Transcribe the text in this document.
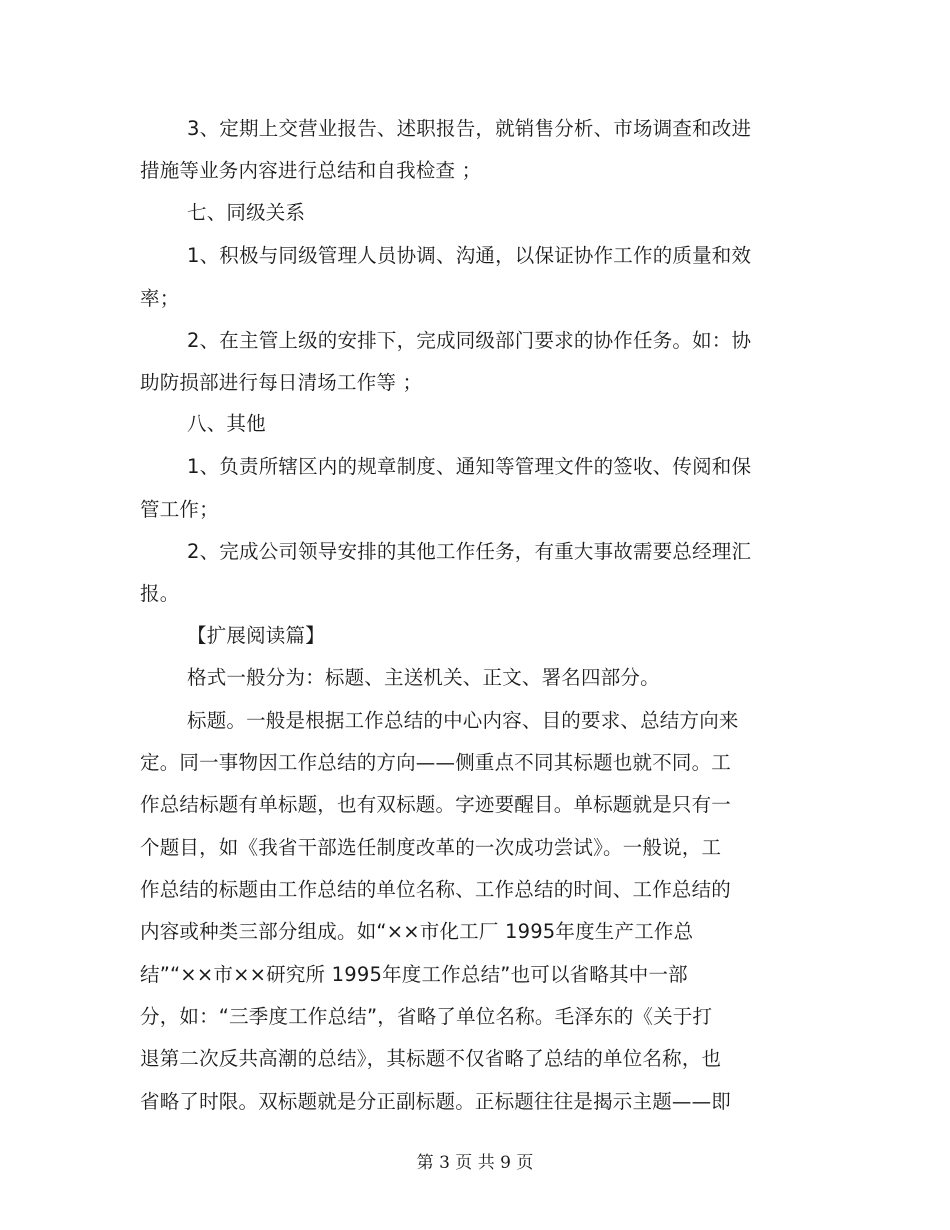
3、定期上交营业报告、述职报告，就销售分析、市场调查和改进
措施等业务内容进行总结和自我检查 ；
七、同级关系
1、积极与同级管理人员协调、沟通，以保证协作工作的质量和效
率；
2、在主管上级的安排下，完成同级部门要求的协作任务。如：协
助防损部进行每日清场工作等 ；
八、其他
1、负责所辖区内的规章制度、通知等管理文件的签收、传阅和保
管工作；
2、完成公司领导安排的其他工作任务，有重大事故需要总经理汇
报。
【扩展阅读篇】
格式一般分为：标题、主送机关、正文、署名四部分。
标题。一般是根据工作总结的中心内容、目的要求、总结方向来
定。同一事物因工作总结的方向——侧重点不同其标题也就不同。工
作总结标题有单标题，也有双标题。字迹要醒目。单标题就是只有一
个题目，如《我省干部选任制度改革的一次成功尝试》。一般说，工
作总结的标题由工作总结的单位名称、工作总结的时间、工作总结的
内容或种类三部分组成。如“××市化工厂 1995年度生产工作总
结”“××市××研究所 1995年度工作总结”也可以省略其中一部
分，如：“三季度工作总结”，省略了单位名称。毛泽东的《关于打
退第二次反共高潮的总结》，其标题不仅省略了总结的单位名称，也
省略了时限。双标题就是分正副标题。正标题往往是揭示主题——即
第 3 页 共 9 页
